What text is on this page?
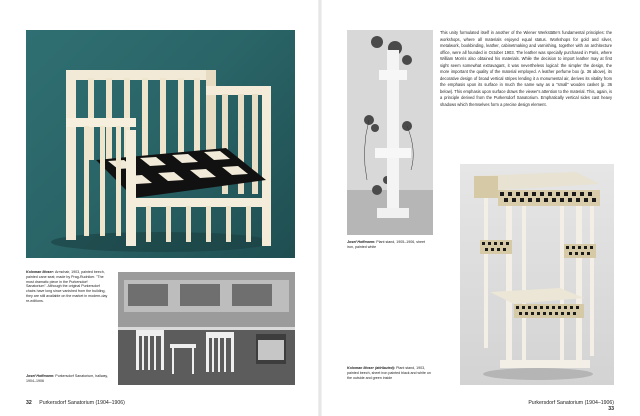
Koloman Moser: Armchair, 1903, painted beech, painted cane seat; made by Prag-Rudniker. "The most dramatic piece in the Purkersdorf Sanatorium". Although the original Purkersdorf chairs have long since vanished from the building, they are still available on the market in modern-day re-editions.
Josef Hoffmann: Purkersdorf Sanatorium, hallway, 1904–1906
32 Purkersdorf Sanatorium (1904–1906)
Josef Hoffmann: Plant stand, 1905–1906, sheet iron, painted white
This unity formulated itself in another of the Wiener Werkstätte's fundamental principles: the workshops, where all materials enjoyed equal status. Workshops for gold and silver, metalwork, bookbinding, leather, cabinetmaking and varnishing, together with an architecture office, were all founded in October 1903. The leather was specially purchased in Paris, where William Morris also obtained his materials. While the decision to import leather may at first sight seem somewhat extravagant, it was nevertheless logical: the simpler the design, the more important the quality of the material employed. A leather perfume box (p. 36 above), its decorative design of broad vertical stripes lending it a monumental air, derives its vitality from the emphasis upon its surface in much the same way as a "small" wooden casket (p. 36 below). This emphasis upon surface draws the viewer's attention to the material. This, again, is a principle derived from the Purkersdorf Sanatorium. Emphatically vertical sides cast heavy shadows which themselves form a precise design element.
Koloman Moser (attributed): Plant stand, 1903, painted beech, sheet iron painted black and white on the outside and green inside
Purkersdorf Sanatorium (1904–1906) 33
